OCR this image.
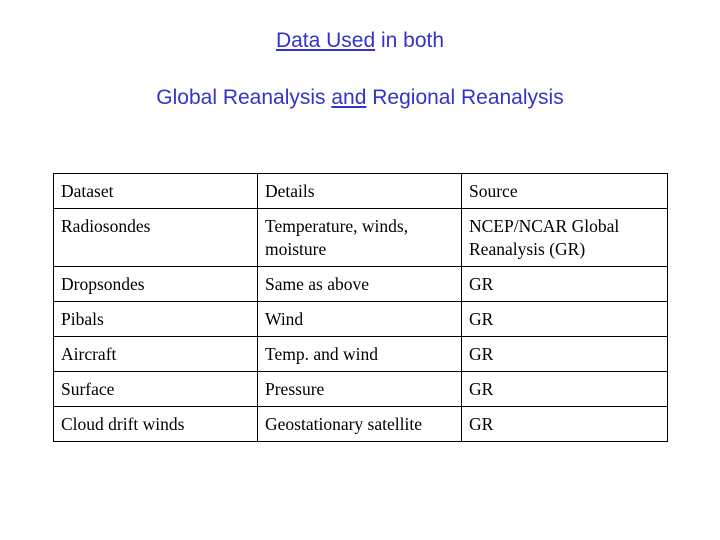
Data Used in both
Global Reanalysis and Regional Reanalysis
Dataset	Details	Source
Radiosondes	Temperature, winds, moisture	NCEP/NCAR Global Reanalysis (GR)
Dropsondes	Same as above	GR
Pibals	Wind	GR
Aircraft	Temp. and wind	GR
Surface	Pressure	GR
Cloud drift winds	Geostationary satellite	GR
